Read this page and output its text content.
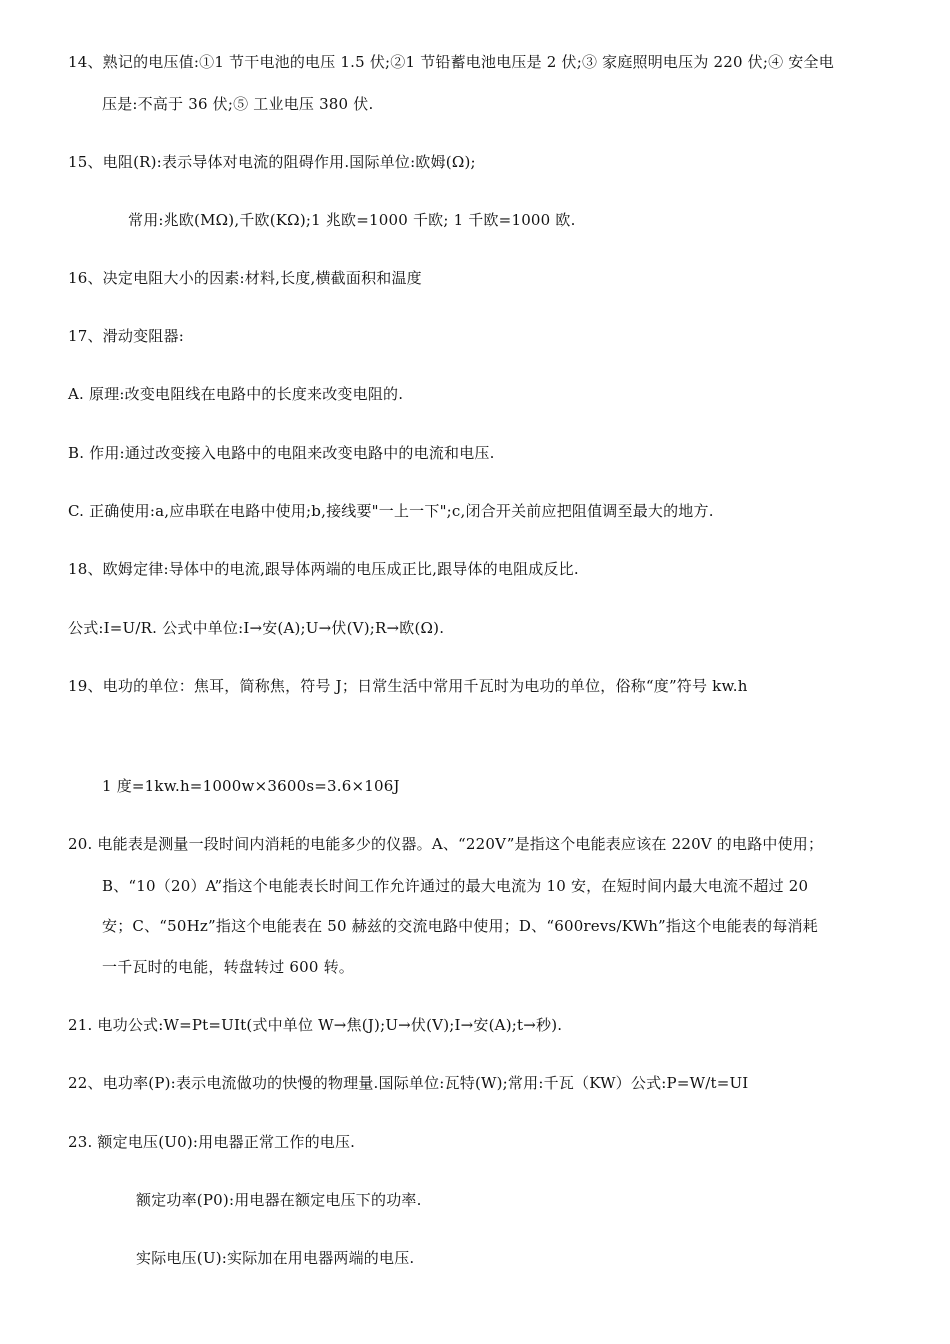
14、熟记的电压值:①1 节干电池的电压 1.5 伏;②1 节铅蓄电池电压是 2 伏;③ 家庭照明电压为 220 伏;④ 安全电
压是:不高于 36 伏;⑤ 工业电压 380 伏.
15、电阻(R):表示导体对电流的阻碍作用.国际单位:欧姆(Ω);
常用:兆欧(MΩ),千欧(KΩ);1 兆欧=1000 千欧; 1 千欧=1000 欧.
16、决定电阻大小的因素:材料,长度,横截面积和温度
17、滑动变阻器:
A. 原理:改变电阻线在电路中的长度来改变电阻的.
B. 作用:通过改变接入电路中的电阻来改变电路中的电流和电压.
C. 正确使用:a,应串联在电路中使用;b,接线要"一上一下";c,闭合开关前应把阻值调至最大的地方.
18、欧姆定律:导体中的电流,跟导体两端的电压成正比,跟导体的电阻成反比.
公式:I=U/R. 公式中单位:I→安(A);U→伏(V);R→欧(Ω).
19、电功的单位：焦耳，简称焦，符号 J；日常生活中常用千瓦时为电功的单位，俗称“度”符号 kw.h
1 度=1kw.h=1000w×3600s=3.6×106J
20. 电能表是测量一段时间内消耗的电能多少的仪器。A、“220V”是指这个电能表应该在 220V 的电路中使用；
B、“10（20）A”指这个电能表长时间工作允许通过的最大电流为 10 安，在短时间内最大电流不超过 20
安；C、“50Hz”指这个电能表在 50 赫兹的交流电路中使用；D、“600revs/KWh”指这个电能表的每消耗
一千瓦时的电能，转盘转过 600 转。
21. 电功公式:W=Pt=UIt(式中单位 W→焦(J);U→伏(V);I→安(A);t→秒).
22、电功率(P):表示电流做功的快慢的物理量.国际单位:瓦特(W);常用:千瓦（KW）公式:P=W/t=UI
23. 额定电压(U0):用电器正常工作的电压.
额定功率(P0):用电器在额定电压下的功率.
实际电压(U):实际加在用电器两端的电压.
